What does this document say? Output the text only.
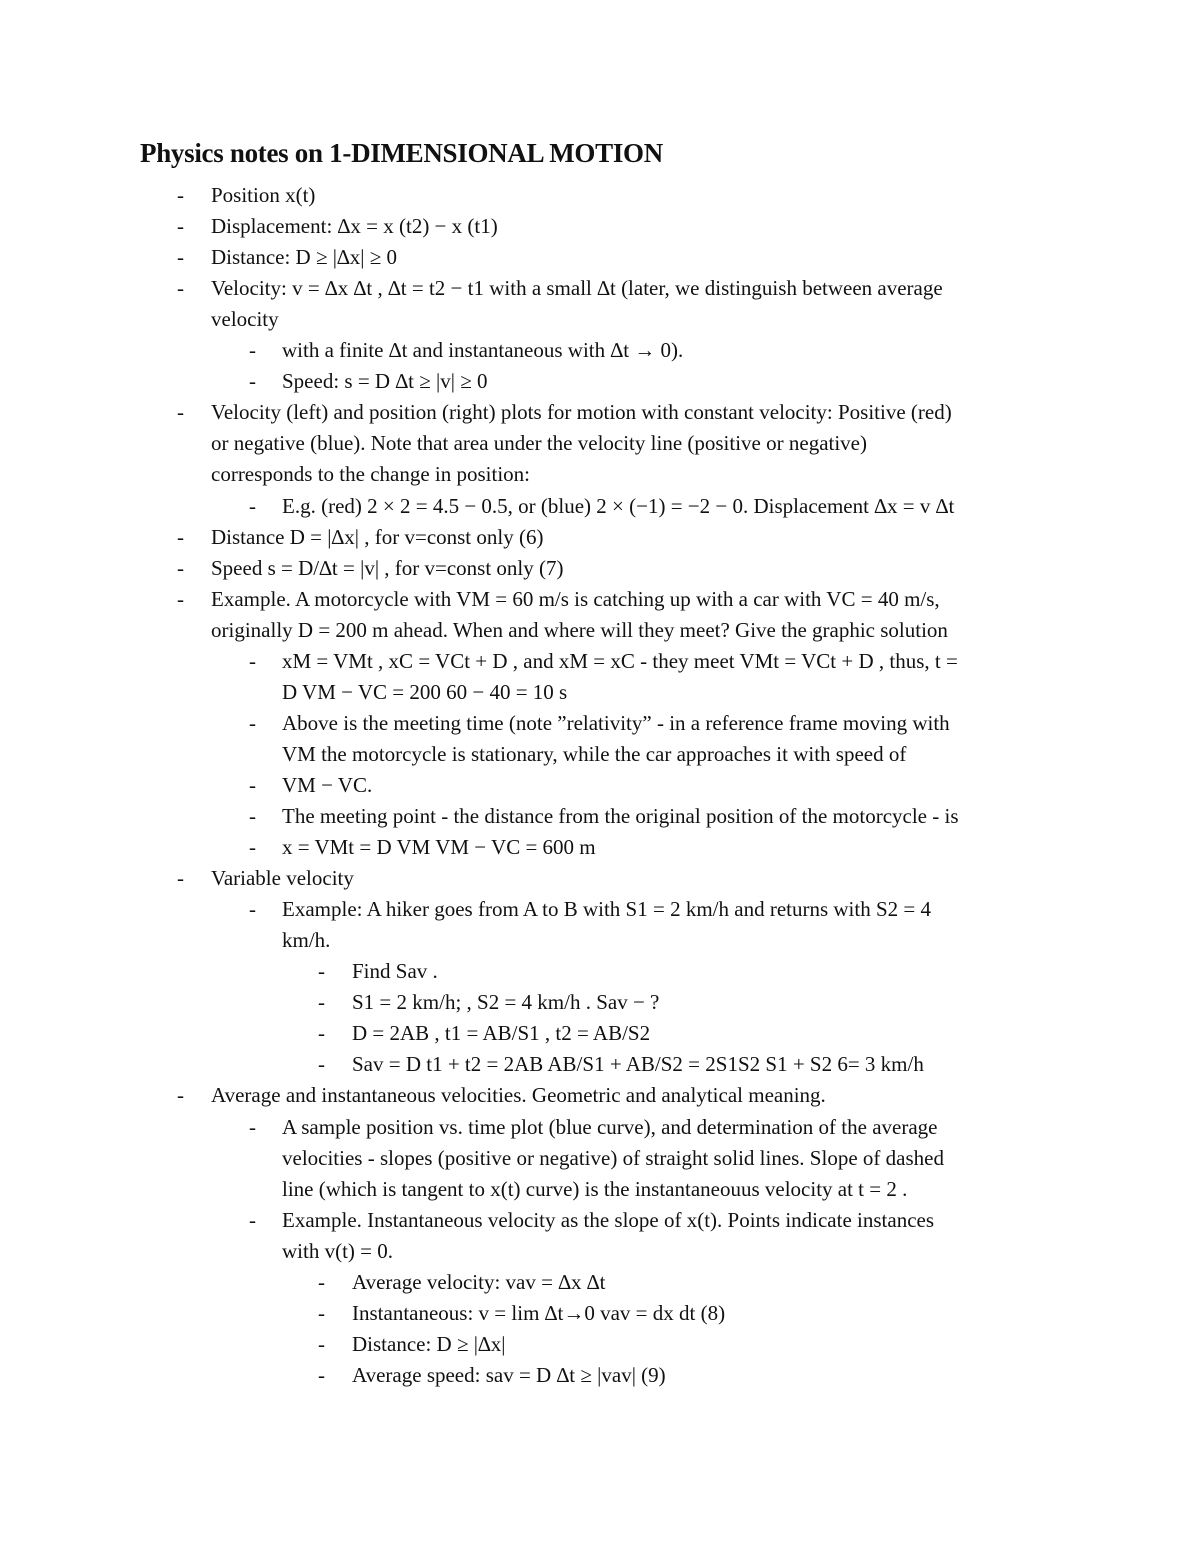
Physics notes on 1-DIMENSIONAL MOTION
- Position x(t)
- Displacement: ∆x = x (t2) − x (t1)
- Distance: D ≥ |∆x| ≥ 0
- Velocity: v = ∆x ∆t , ∆t = t2 − t1 with a small ∆t (later, we distinguish between average
velocity
- with a finite ∆t and instantaneous with ∆t → 0).
- Speed: s = D ∆t ≥ |v| ≥ 0
- Velocity (left) and position (right) plots for motion with constant velocity: Positive (red)
or negative (blue). Note that area under the velocity line (positive or negative)
corresponds to the change in position:
- E.g. (red) 2 × 2 = 4.5 − 0.5, or (blue) 2 × (−1) = −2 − 0. Displacement ∆x = v ∆t
- Distance D = |∆x| , for v=const only (6)
- Speed s = D/∆t = |v| , for v=const only (7)
- Example. A motorcycle with VM = 60 m/s is catching up with a car with VC = 40 m/s,
originally D = 200 m ahead. When and where will they meet? Give the graphic solution
- xM = VMt , xC = VCt + D , and xM = xC - they meet VMt = VCt + D , thus, t =
D VM − VC = 200 60 − 40 = 10 s
- Above is the meeting time (note ”relativity” - in a reference frame moving with
VM the motorcycle is stationary, while the car approaches it with speed of
- VM − VC.
- The meeting point - the distance from the original position of the motorcycle - is
- x = VMt = D VM VM − VC = 600 m
- Variable velocity
- Example: A hiker goes from A to B with S1 = 2 km/h and returns with S2 = 4
km/h.
- Find Sav .
- S1 = 2 km/h; , S2 = 4 km/h . Sav − ?
- D = 2AB , t1 = AB/S1 , t2 = AB/S2
- Sav = D t1 + t2 = 2AB AB/S1 + AB/S2 = 2S1S2 S1 + S2 6= 3 km/h
- Average and instantaneous velocities. Geometric and analytical meaning.
- A sample position vs. time plot (blue curve), and determination of the average
velocities - slopes (positive or negative) of straight solid lines. Slope of dashed
line (which is tangent to x(t) curve) is the instantaneouus velocity at t = 2 .
- Example. Instantaneous velocity as the slope of x(t). Points indicate instances
with v(t) = 0.
- Average velocity: vav = ∆x ∆t
- Instantaneous: v = lim ∆t→0 vav = dx dt (8)
- Distance: D ≥ |∆x|
- Average speed: sav = D ∆t ≥ |vav| (9)
